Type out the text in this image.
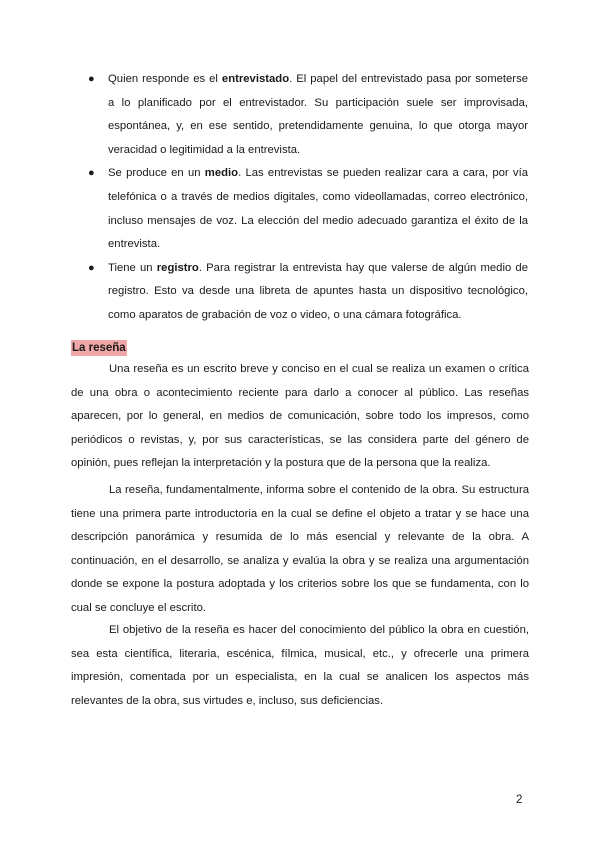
● Quien responde es el entrevistado. El papel del entrevistado pasa por someterse a lo planificado por el entrevistador. Su participación suele ser improvisada, espontánea, y, en ese sentido, pretendidamente genuina, lo que otorga mayor veracidad o legitimidad a la entrevista.
● Se produce en un medio. Las entrevistas se pueden realizar cara a cara, por vía telefónica o a través de medios digitales, como videollamadas, correo electrónico, incluso mensajes de voz. La elección del medio adecuado garantiza el éxito de la entrevista.
● Tiene un registro. Para registrar la entrevista hay que valerse de algún medio de registro. Esto va desde una libreta de apuntes hasta un dispositivo tecnológico, como aparatos de grabación de voz o video, o una cámara fotográfica.
La reseña

Una reseña es un escrito breve y conciso en el cual se realiza un examen o crítica de una obra o acontecimiento reciente para darlo a conocer al público. Las reseñas aparecen, por lo general, en medios de comunicación, sobre todo los impresos, como periódicos o revistas, y, por sus características, se las considera parte del género de opinión, pues reflejan la interpretación y la postura que de la persona que la realiza.

La reseña, fundamentalmente, informa sobre el contenido de la obra. Su estructura tiene una primera parte introductoria en la cual se define el objeto a tratar y se hace una descripción panorámica y resumida de lo más esencial y relevante de la obra. A continuación, en el desarrollo, se analiza y evalúa la obra y se realiza una argumentación donde se expone la postura adoptada y los criterios sobre los que se fundamenta, con lo cual se concluye el escrito.

El objetivo de la reseña es hacer del conocimiento del público la obra en cuestión, sea esta científica, literaria, escénica, fílmica, musical, etc., y ofrecerle una primera impresión, comentada por un especialista, en la cual se analicen los aspectos más relevantes de la obra, sus virtudes e, incluso, sus deficiencias.

2
